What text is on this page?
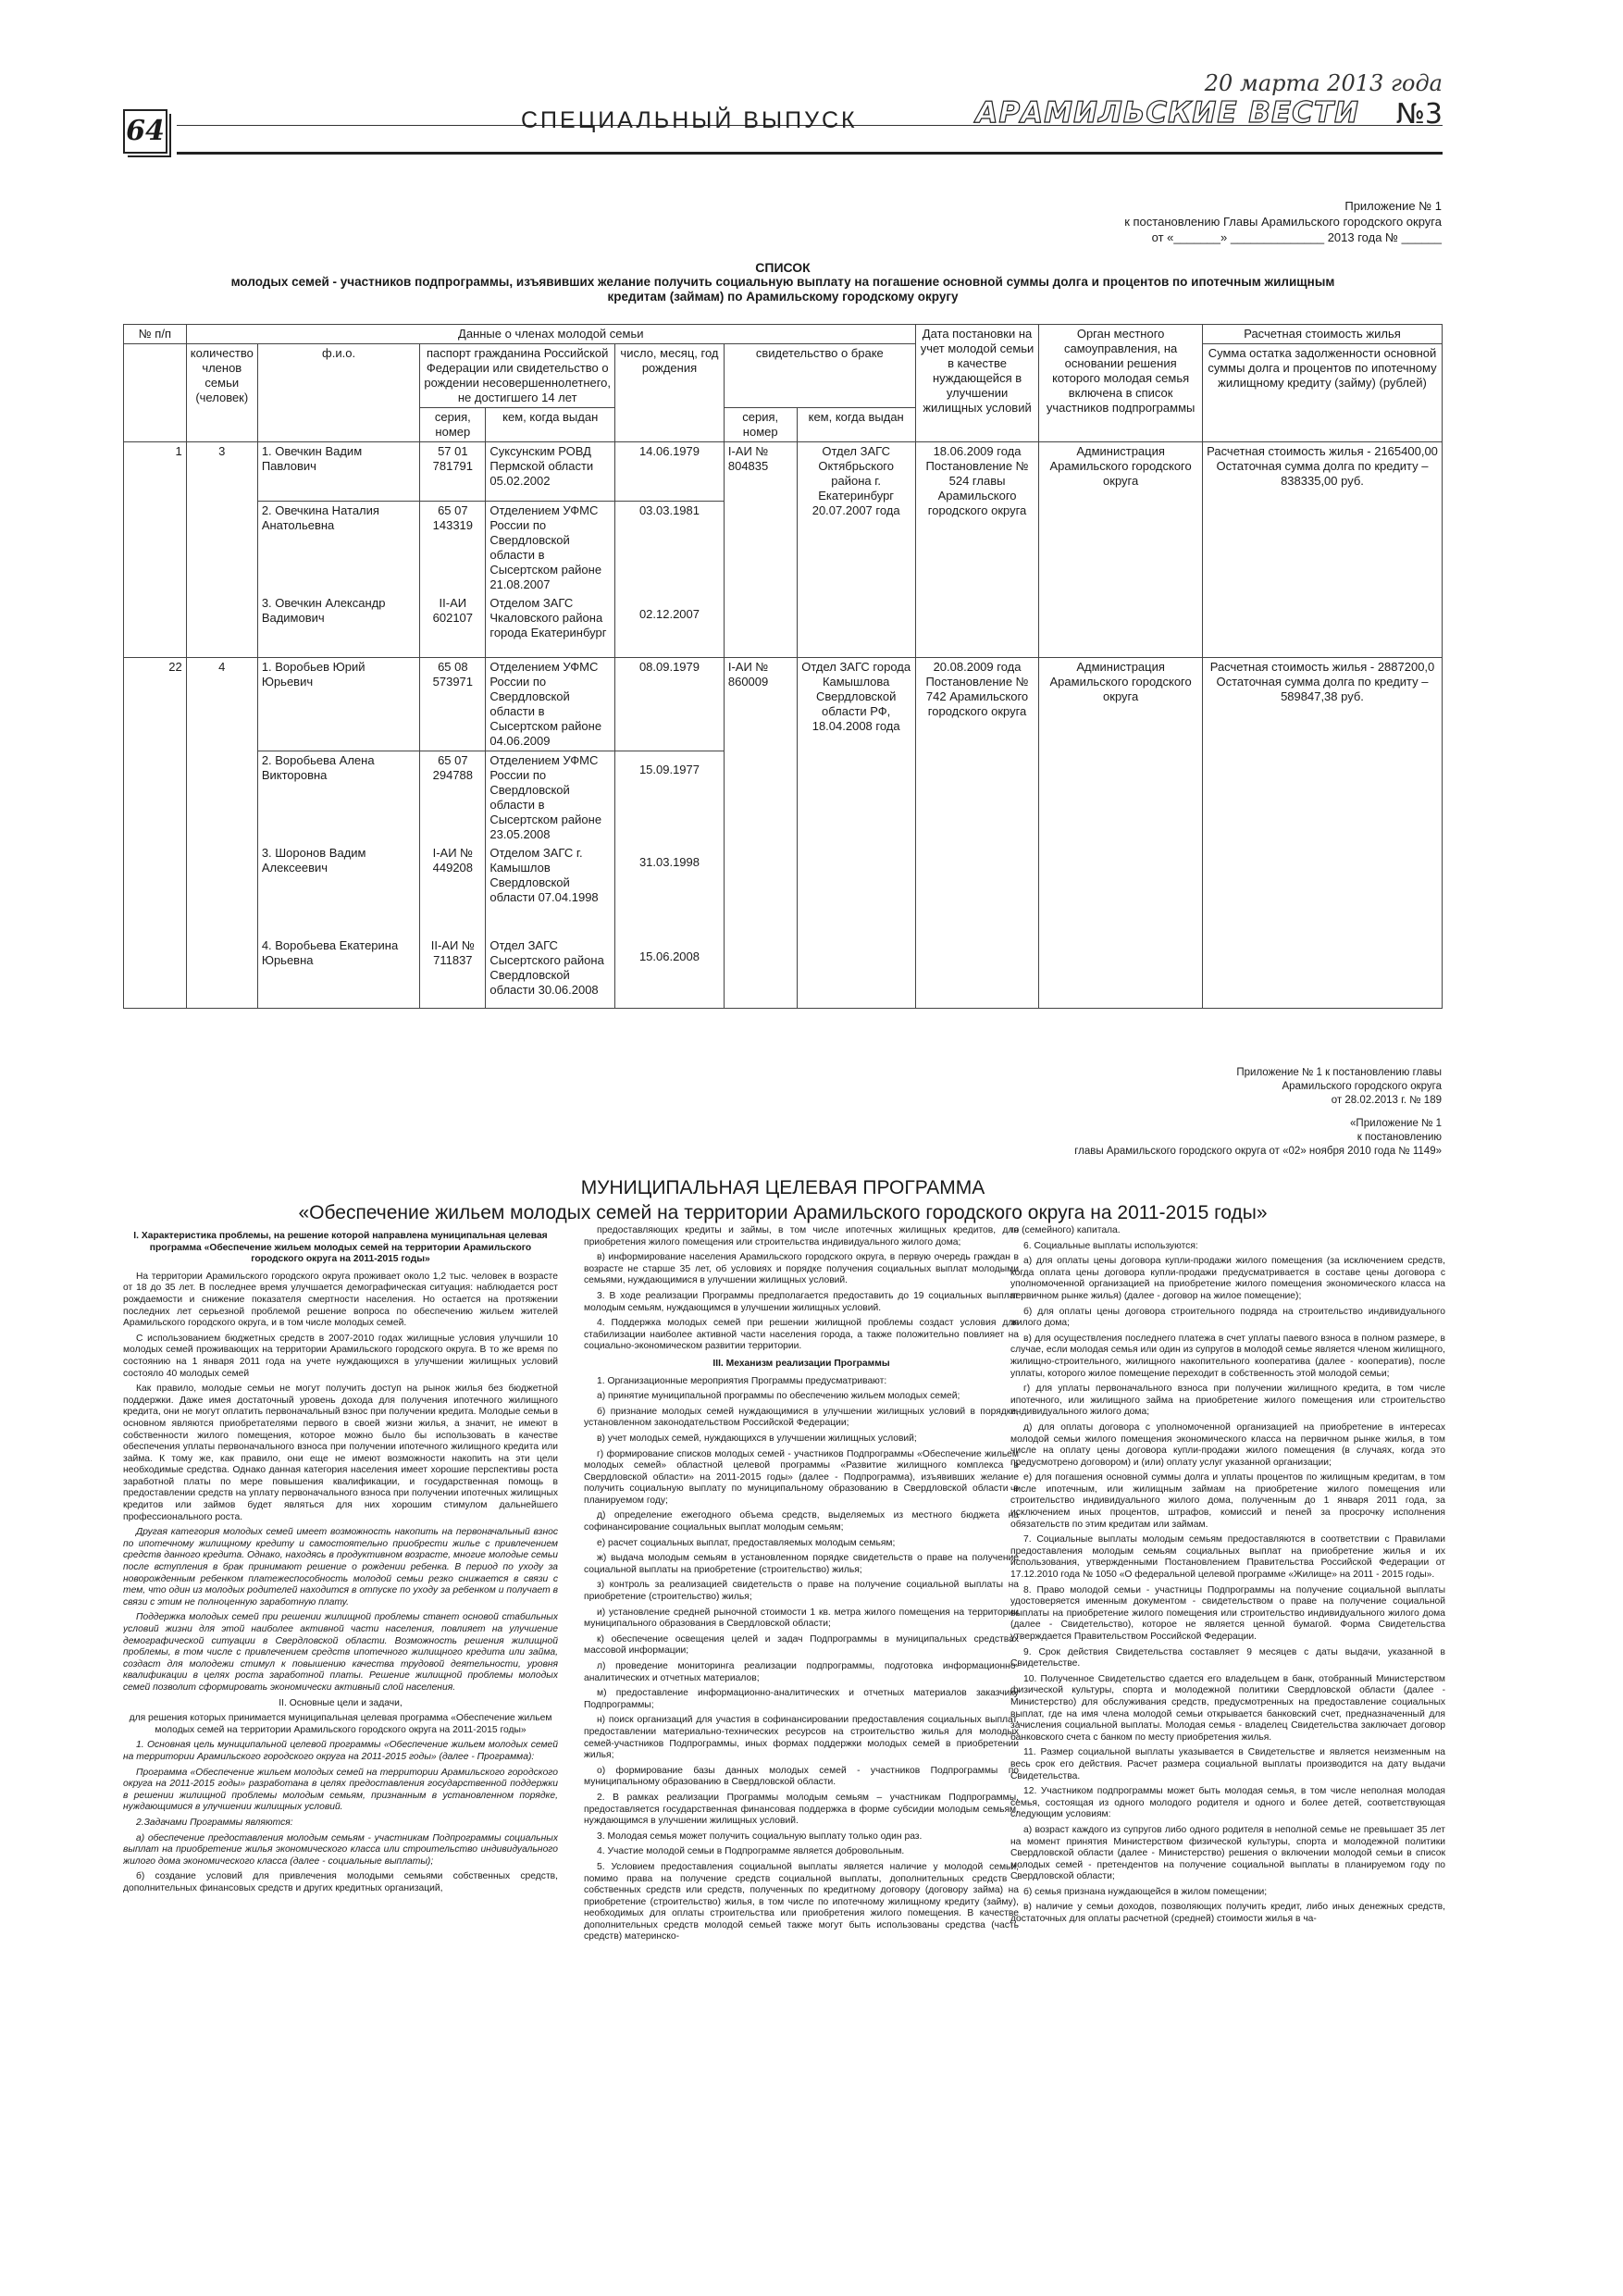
64	СПЕЦИАЛЬНЫЙ ВЫПУСК
20 марта 2013 года
АРАМИЛЬСКИЕ ВЕСТИ №3
Приложение № 1
к постановлению Главы Арамильского городского округа
от «_______» ______________ 2013 года № ______
СПИСОК
молодых семей - участников подпрограммы, изъявивших желание получить социальную выплату на погашение основной суммы долга и процентов по ипотечным жилищным
кредитам (займам) по Арамильскому городскому округу
№ п/п	Данные о членах молодой семьи							Дата постановки на учет молодой семьи в качестве нуждающейся в улучшении жилищных условий	Орган местного самоуправления, на основании решения которого молодая семья включена в список участников подпрограммы	Расчетная стоимость жилья
	количество членов семьи (человек)	ф.и.о.	паспорт гражданина Российской Федерации или свидетельство о рождении несовершеннолетнего, не достигшего 14 лет		число, месяц, год рождения	свидетельство о браке				Сумма остатка задолженности основной суммы долга и процентов по ипотечному жилищному кредиту (займу) (рублей)
			серия, номер	кем, когда выдан		серия, номер	кем, когда выдан			
1	3	1. Овечкин Вадим Павлович	57 01 781791	Суксунским РОВД Пермской области 05.02.2002	14.06.1979	I-АИ № 804835	Отдел ЗАГС Октябрьского района г. Екатеринбург 20.07.2007 года	18.06.2009 года Постановление № 524 главы Арамильского городского округа	Администрация Арамильского городского округа	Расчетная стоимость жилья - 2165400,00
Остаточная сумма долга по кредиту – 838335,00 руб.

		2. Овечкина Наталия Анатольевна	65 07 143319	Отделением УФМС России по Свердловской области в Сысертском районе 21.08.2007	03.03.1981					
		3. Овечкин Александр Вадимович	II-АИ 602107	Отделом ЗАГС Чкаловского района города Екатеринбург	02.12.2007					
22	4	1. Воробьев Юрий Юрьевич	65 08 573971	Отделением УФМС России по Свердловской области в Сысертском районе 04.06.2009	08.09.1979	I-АИ № 860009	Отдел ЗАГС города Камышлова Свердловской области РФ, 18.04.2008 года	20.08.2009 года Постановление № 742 Арамильского городского округа	Администрация Арамильского городского округа	Расчетная стоимость жилья - 2887200,0
Остаточная сумма долга по кредиту – 589847,38 руб.

		2. Воробьева Алена Викторовна	65 07 294788	Отделением УФМС России по Свердловской области в Сысертском районе 23.05.2008	15.09.1977					
		3. Шоронов Вадим Алексеевич	I-АИ № 449208	Отделом ЗАГС г. Камышлов Свердловской области 07.04.1998	31.03.1998					
		4. Воробьева Екатерина Юрьевна	II-АИ № 711837	Отдел ЗАГС Сысертского района Свердловской области 30.06.2008	15.06.2008					
Приложение № 1 к постановлению главы
Арамильского городского округа
от 28.02.2013 г. № 189
«Приложение № 1
к постановлению
главы Арамильского городского округа от «02» ноября 2010 года № 1149»
МУНИЦИПАЛЬНАЯ ЦЕЛЕВАЯ ПРОГРАММА
«Обеспечение жильем молодых семей на территории Арамильского городского округа на 2011-2015 годы»

I. Характеристика проблемы, на решение которой направлена муниципальная целевая программа «Обеспечение жильем молодых семей на территории Арамильского городского округа на 2011-2015 годы»

На территории Арамильского городского округа проживает около 1,2 тыс. человек в возрасте от 18 до 35 лет. В последнее время улучшается демографическая ситуация: наблюдается рост рождаемости и снижение показателя смертности населения. Но остается на протяжении последних лет серьезной проблемой решение вопроса по обеспечению жильем жителей Арамильского городского округа, и в том числе молодых семей.

С использованием бюджетных средств в 2007-2010 годах жилищные условия улучшили 10 молодых семей проживающих на территории Арамильского городского округа. В то же время по состоянию на 1 января 2011 года на учете нуждающихся в улучшении жилищных условий состояло 40 молодых семей

Как правило, молодые семьи не могут получить доступ на рынок жилья без бюджетной поддержки. Даже имея достаточный уровень дохода для получения ипотечного жилищного кредита, они не могут оплатить первоначальный взнос при получении кредита. Молодые семьи в основном являются приобретателями первого в своей жизни жилья, а значит, не имеют в собственности жилого помещения, которое можно было бы использовать в качестве обеспечения уплаты первоначального взноса при получении ипотечного жилищного кредита или займа. К тому же, как правило, они еще не имеют возможности накопить на эти цели необходимые средства. Однако данная категория населения имеет хорошие перспективы роста заработной платы по мере повышения квалификации, и государственная помощь в предоставлении средств на уплату первоначального взноса при получении ипотечных жилищных кредитов или займов будет являться для них хорошим стимулом дальнейшего профессионального роста.

Другая категория молодых семей имеет возможность накопить на первоначальный взнос по ипотечному жилищному кредиту и самостоятельно приобрести жилье с привлечением средств данного кредита. Однако, находясь в продуктивном возрасте, многие молодые семьи после вступления в брак принимают решение о рождении ребенка. В период по уходу за новорожденным ребенком платежеспособность молодой семьи резко снижается в связи с тем, что один из молодых родителей находится в отпуске по уходу за ребенком и получает в связи с этим не полноценную заработную плату.

Поддержка молодых семей при решении жилищной проблемы станет основой стабильных условий жизни для этой наиболее активной части населения, повлияет на улучшение демографической ситуации в Свердловской области. Возможность решения жилищной проблемы, в том числе с привлечением средств ипотечного жилищного кредита или займа, создаст для молодежи стимул к повышению качества трудовой деятельности, уровня квалификации в целях роста заработной платы. Решение жилищной проблемы молодых семей позволит сформировать экономически активный слой населения.

II. Основные цели и задачи,

для решения которых принимается муниципальная целевая программа «Обеспечение жильем молодых семей на территории Арамильского городского округа на 2011-2015 годы»

1. Основная цель муниципальной целевой программы «Обеспечение жильем молодых семей на территории Арамильского городского округа на 2011-2015 годы» (далее - Программа):

Программа «Обеспечение жильем молодых семей на территории Арамильского городского округа на 2011-2015 годы» разработана в целях предоставления государственной поддержки в решении жилищной проблемы молодым семьям, признанным в установленном порядке, нуждающимися в улучшении жилищных условий.

2.Задачами Программы являются:

а) обеспечение предоставления молодым семьям - участникам Подпрограммы социальных выплат на приобретение жилья экономического класса или строительство индивидуального жилого дома экономического класса (далее - социальные выплаты);

б) создание условий для привлечения молодыми семьями собственных средств, дополнительных финансовых средств и других кредитных организаций,

предоставляющих кредиты и займы, в том числе ипотечных жилищных кредитов, для приобретения жилого помещения или строительства индивидуального жилого дома;

в) информирование населения Арамильского городского округа, в первую очередь граждан в возрасте не старше 35 лет, об условиях и порядке получения социальных выплат молодыми семьями, нуждающимися в улучшении жилищных условий.

3. В ходе реализации Программы предполагается предоставить до 19 социальных выплат молодым семьям, нуждающимся в улучшении жилищных условий.

4. Поддержка молодых семей при решении жилищной проблемы создаст условия для стабилизации наиболее активной части населения города, а также положительно повлияет на социально-экономическом развитии территории.

III. Механизм реализации Программы

1. Организационные мероприятия Программы предусматривают:

а) принятие муниципальной программы по обеспечению жильем молодых семей;

б) признание молодых семей нуждающимися в улучшении жилищных условий в порядке, установленном законодательством Российской Федерации;

в) учет молодых семей, нуждающихся в улучшении жилищных условий;

г) формирование списков молодых семей - участников Подпрограммы «Обеспечение жильем молодых семей» областной целевой программы «Развитие жилищного комплекса в Свердловской области» на 2011-2015 годы» (далее - Подпрограмма), изъявивших желание получить социальную выплату по муниципальному образованию в Свердловской области в планируемом году;

д) определение ежегодного объема средств, выделяемых из местного бюджета на софинансирование социальных выплат молодым семьям;

е) расчет социальных выплат, предоставляемых молодым семьям;

ж) выдача молодым семьям в установленном порядке свидетельств о праве на получение социальной выплаты на приобретение (строительство) жилья;

з) контроль за реализацией свидетельств о праве на получение социальной выплаты на приобретение (строительство) жилья;

и) установление средней рыночной стоимости 1 кв. метра жилого помещения на территории муниципального образования в Свердловской области;

к) обеспечение освещения целей и задач Подпрограммы в муниципальных средствах массовой информации;

л) проведение мониторинга реализации подпрограммы, подготовка информационно-аналитических и отчетных материалов;

м) предоставление информационно-аналитических и отчетных материалов заказчику Подпрограммы;

н) поиск организаций для участия в софинансировании предоставления социальных выплат, предоставлении материально-технических ресурсов на строительство жилья для молодых семей-участников Подпрограммы, иных формах поддержки молодых семей в приобретении жилья;

о) формирование базы данных молодых семей - участников Подпрограммы по муниципальному образованию в Свердловской области.

2. В рамках реализации Программы молодым семьям – участникам Подпрограммы, предоставляется государственная финансовая поддержка в форме субсидии молодым семьям, нуждающимся в улучшении жилищных условий.

3. Молодая семья может получить социальную выплату только один раз.

4. Участие молодой семьи в Подпрограмме является добровольным.

5. Условием предоставления социальной выплаты является наличие у молодой семьи, помимо права на получение средств социальной выплаты, дополнительных средств - собственных средств или средств, полученных по кредитному договору (договору займа) на приобретение (строительство) жилья, в том числе по ипотечному жилищному кредиту (займу), необходимых для оплаты строительства или приобретения жилого помещения. В качестве дополнительных средств молодой семьей также могут быть использованы средства (часть средств) материнско-

го (семейного) капитала.

6. Социальные выплаты используются:

а) для оплаты цены договора купли-продажи жилого помещения (за исключением средств, когда оплата цены договора купли-продажи предусматривается в составе цены договора с уполномоченной организацией на приобретение жилого помещения экономического класса на первичном рынке жилья) (далее - договор на жилое помещение);

б) для оплаты цены договора строительного подряда на строительство индивидуального жилого дома;

в) для осуществления последнего платежа в счет уплаты паевого взноса в полном размере, в случае, если молодая семья или один из супругов в молодой семье является членом жилищного, жилищно-строительного, жилищного накопительного кооператива (далее - кооператив), после уплаты, которого жилое помещение переходит в собственность этой молодой семьи;

г) для уплаты первоначального взноса при получении жилищного кредита, в том числе ипотечного, или жилищного займа на приобретение жилого помещения или строительство индивидуального жилого дома;

д) для оплаты договора с уполномоченной организацией на приобретение в интересах молодой семьи жилого помещения экономического класса на первичном рынке жилья, в том числе на оплату цены договора купли-продажи жилого помещения (в случаях, когда это предусмотрено договором) и (или) оплату услуг указанной организации;

е) для погашения основной суммы долга и уплаты процентов по жилищным кредитам, в том числе ипотечным, или жилищным займам на приобретение жилого помещения или строительство индивидуального жилого дома, полученным до 1 января 2011 года, за исключением иных процентов, штрафов, комиссий и пеней за просрочку исполнения обязательств по этим кредитам или займам.

7. Социальные выплаты молодым семьям предоставляются в соответствии с Правилами предоставления молодым семьям социальных выплат на приобретение жилья и их использования, утвержденными Постановлением Правительства Российской Федерации от 17.12.2010 года № 1050 «О федеральной целевой программе «Жилище» на 2011 - 2015 годы».

8. Право молодой семьи - участницы Подпрограммы на получение социальной выплаты удостоверяется именным документом - свидетельством о праве на получение социальной выплаты на приобретение жилого помещения или строительство индивидуального жилого дома (далее - Свидетельство), которое не является ценной бумагой. Форма Свидетельства утверждается Правительством Российской Федерации.

9. Срок действия Свидетельства составляет 9 месяцев с даты выдачи, указанной в Свидетельстве.

10. Полученное Свидетельство сдается его владельцем в банк, отобранный Министерством физической культуры, спорта и молодежной политики Свердловской области (далее - Министерство) для обслуживания средств, предусмотренных на предоставление социальных выплат, где на имя члена молодой семьи открывается банковский счет, предназначенный для зачисления социальной выплаты. Молодая семья - владелец Свидетельства заключает договор банковского счета с банком по месту приобретения жилья.

11. Размер социальной выплаты указывается в Свидетельстве и является неизменным на весь срок его действия. Расчет размера социальной выплаты производится на дату выдачи Свидетельства.

12. Участником подпрограммы может быть молодая семья, в том числе неполная молодая семья, состоящая из одного молодого родителя и одного и более детей, соответствующая следующим условиям:

а) возраст каждого из супругов либо одного родителя в неполной семье не превышает 35 лет на момент принятия Министерством физической культуры, спорта и молодежной политики Свердловской области (далее - Министерство) решения о включении молодой семьи в список молодых семей - претендентов на получение социальной выплаты в планируемом году по Свердловской области;

б) семья признана нуждающейся в жилом помещении;

в) наличие у семьи доходов, позволяющих получить кредит, либо иных денежных средств, достаточных для оплаты расчетной (средней) стоимости жилья в ча-
